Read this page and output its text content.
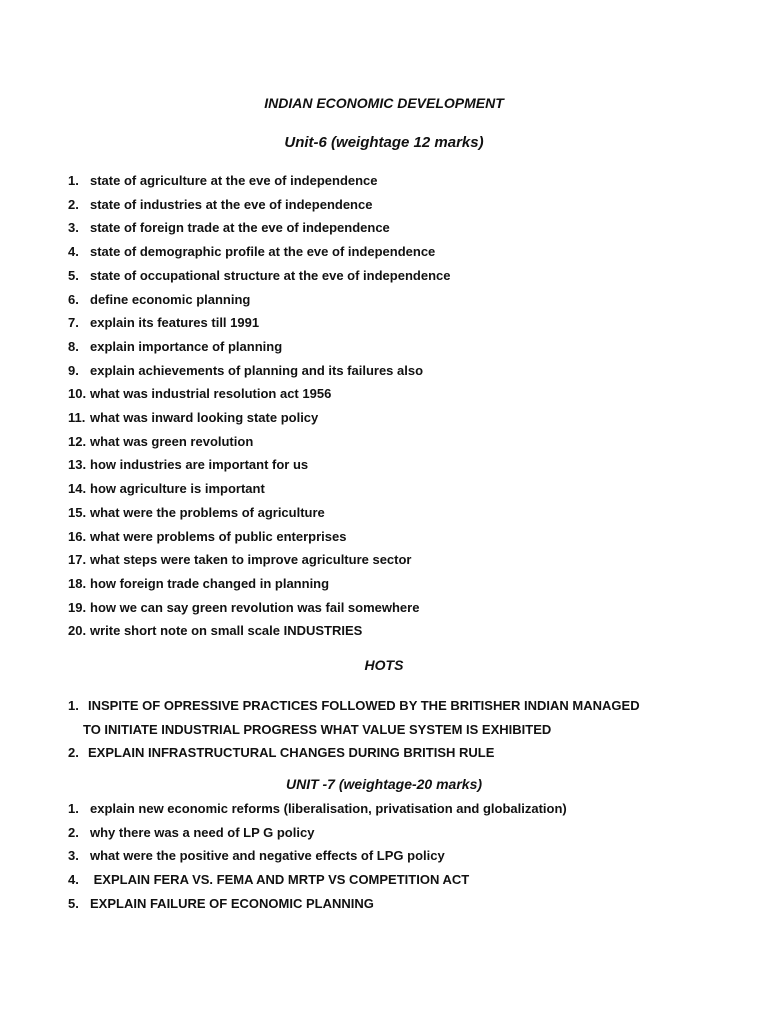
INDIAN ECONOMIC DEVELOPMENT
Unit-6 (weightage 12 marks)
1. state of agriculture at the eve of independence
2. state of industries at the eve of independence
3. state of foreign trade at the eve of independence
4. state of demographic profile at the eve of independence
5. state of occupational structure at the eve of independence
6. define economic planning
7. explain its features till 1991
8. explain importance of planning
9. explain achievements of planning and its failures also
10. what was industrial resolution act 1956
11. what was inward looking state policy
12. what was green revolution
13. how industries are important for us
14. how agriculture is important
15. what were the problems of agriculture
16. what were problems of public enterprises
17. what steps were taken to improve agriculture sector
18. how foreign trade changed in planning
19. how we can say green revolution was fail somewhere
20. write short note on small scale INDUSTRIES
HOTS
1. INSPITE OF OPRESSIVE PRACTICES FOLLOWED BY THE BRITISHER INDIAN MANAGED
TO INITIATE INDUSTRIAL PROGRESS WHAT VALUE SYSTEM IS EXHIBITED
2. EXPLAIN INFRASTRUCTURAL CHANGES DURING BRITISH RULE
UNIT -7 (weightage-20 marks)
1. explain new economic reforms (liberalisation, privatisation and globalization)
2. why there was a need of LP G policy
3. what were the positive and negative effects of LPG policy
4. EXPLAIN FERA VS. FEMA AND MRTP VS COMPETITION ACT
5. EXPLAIN FAILURE OF ECONOMIC PLANNING
